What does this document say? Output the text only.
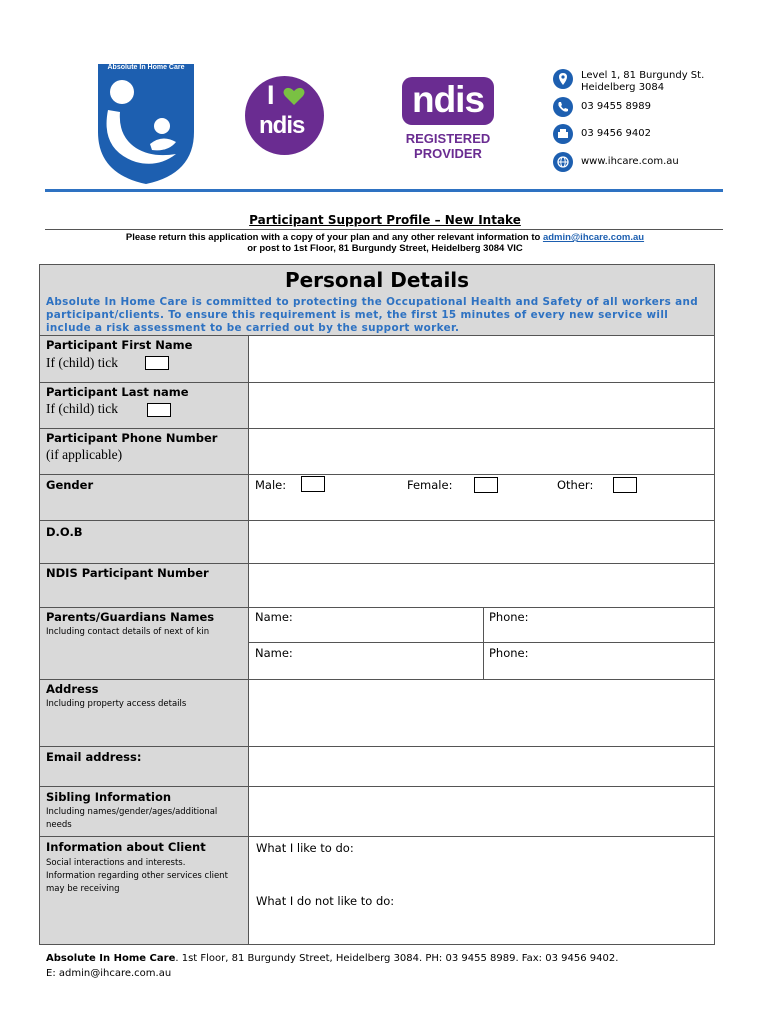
Absolute In Home Care
I
ndis
ndis
REGISTERED
PROVIDER
Level 1, 81 Burgundy St.
Heidelberg 3084
03 9455 8989
03 9456 9402
www.ihcare.com.au
Participant Support Profile – New Intake
Please return this application with a copy of your plan and any other relevant information to admin@ihcare.com.au
or post to 1st Floor, 81 Burgundy Street, Heidelberg 3084 VIC
Personal Details
Absolute In Home Care is committed to protecting the Occupational Health and Safety of all workers and participant/clients. To ensure this requirement is met, the first 15 minutes of every new service will include a risk assessment to be carried out by the support worker.
Participant First Name
If (child) tick
Participant Last name
If (child) tick
Participant Phone Number
(if applicable)
Gender	Male:	Female:	Other:
D.O.B
NDIS Participant Number
Parents/Guardians Names
Including contact details of next of kin
Name:	Phone:
Name:	Phone:
Address
Including property access details
Email address:
Sibling Information
Including names/gender/ages/additional needs
Information about Client
Social interactions and interests. Information regarding other services client may be receiving
What I like to do:
What I do not like to do:
Absolute In Home Care. 1st Floor, 81 Burgundy Street, Heidelberg 3084. PH: 03 9455 8989. Fax: 03 9456 9402.
E: admin@ihcare.com.au
